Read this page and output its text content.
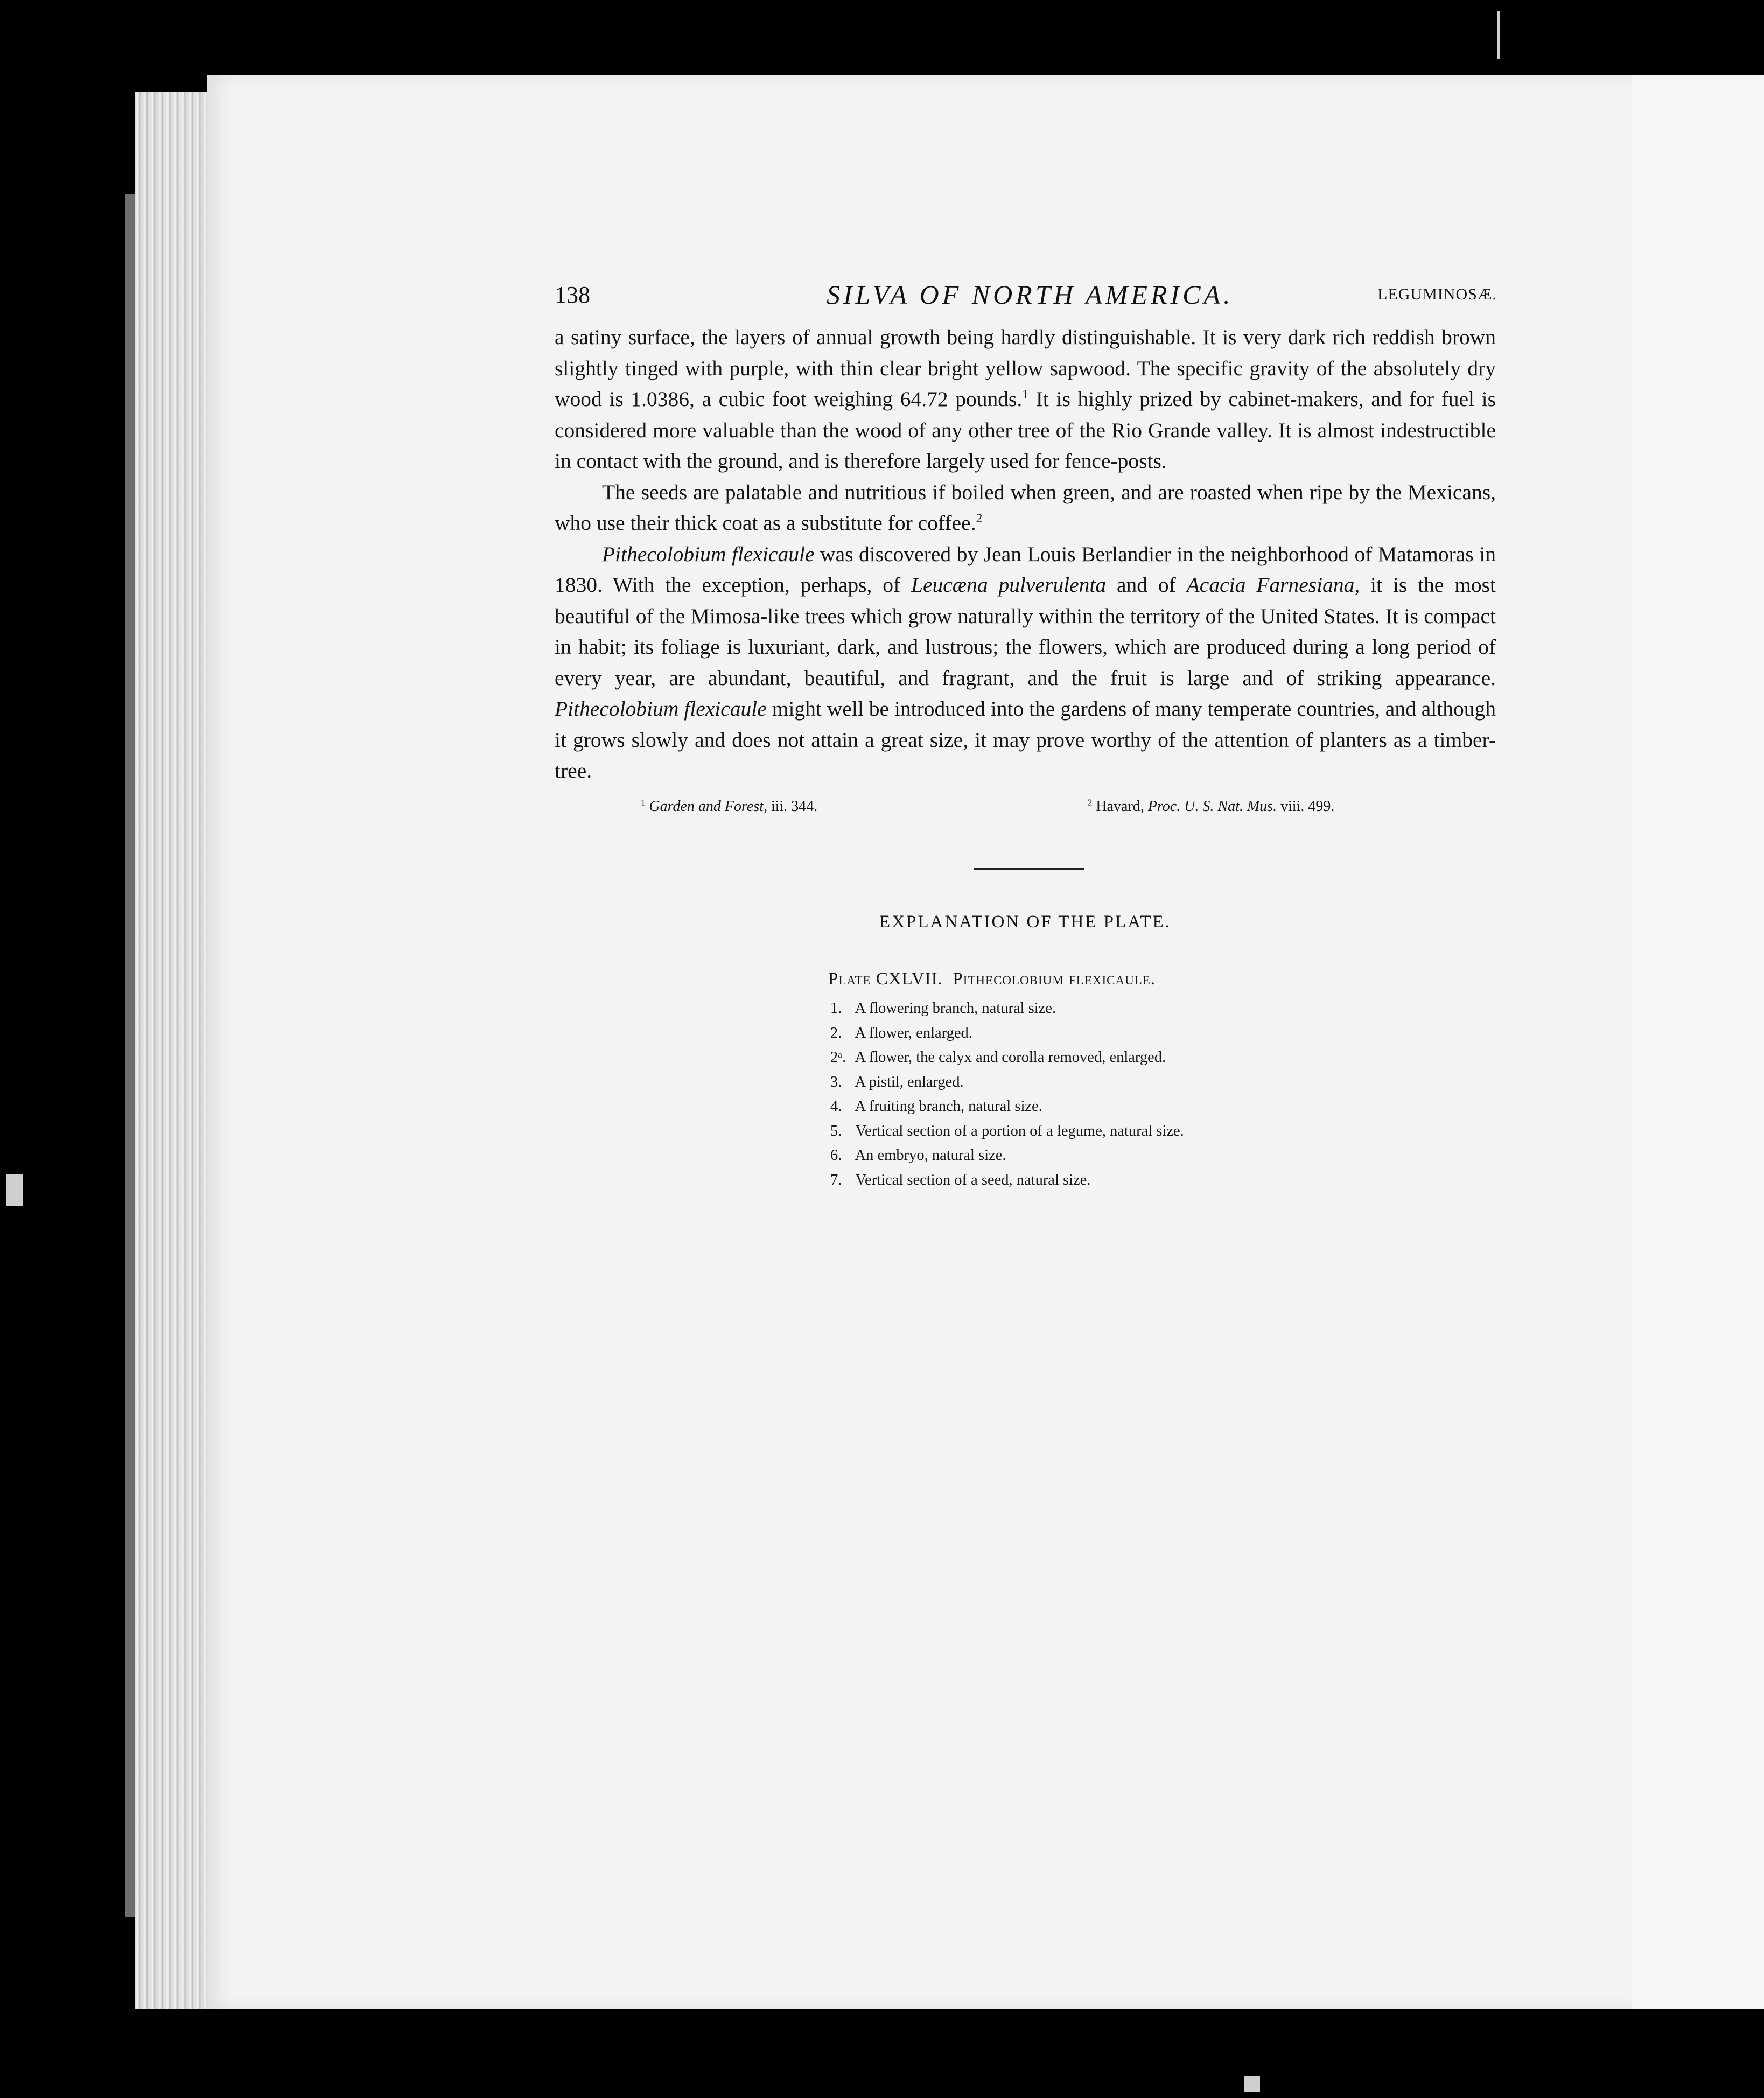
138	SILVA OF NORTH AMERICA.	LEGUMINOSÆ.

a satiny surface, the layers of annual growth being hardly distinguishable. It is very dark rich reddish brown slightly tinged with purple, with thin clear bright yellow sapwood. The specific gravity of the absolutely dry wood is 1.0386, a cubic foot weighing 64.72 pounds.$^1$ It is highly prized by cabinet-makers, and for fuel is considered more valuable than the wood of any other tree of the Rio Grande valley. It is almost indestructible in contact with the ground, and is therefore largely used for fence-posts.

The seeds are palatable and nutritious if boiled when green, and are roasted when ripe by the Mexicans, who use their thick coat as a substitute for coffee.$^2$

Pithecolobium flexicaule was discovered by Jean Louis Berlandier in the neighborhood of Matamoras in 1830. With the exception, perhaps, of Leucæna pulverulenta and of Acacia Farnesiana, it is the most beautiful of the Mimosa-like trees which grow naturally within the territory of the United States. It is compact in habit; its foliage is luxuriant, dark, and lustrous; the flowers, which are produced during a long period of every year, are abundant, beautiful, and fragrant, and the fruit is large and of striking appearance. Pithecolobium flexicaule might well be introduced into the gardens of many temperate countries, and although it grows slowly and does not attain a great size, it may prove worthy of the attention of planters as a timber-tree.

$^1$ Garden and Forest, iii. 344.	$^2$ Havard, Proc. U. S. Nat. Mus. viii. 499.
EXPLANATION OF THE PLATE.
Plate CXLVII. Pithecolobium flexicaule.
1. A flowering branch, natural size.
2. A flower, enlarged.
2ᵃ. A flower, the calyx and corolla removed, enlarged.
3. A pistil, enlarged.
4. A fruiting branch, natural size.
5. Vertical section of a portion of a legume, natural size.
6. An embryo, natural size.
7. Vertical section of a seed, natural size.
